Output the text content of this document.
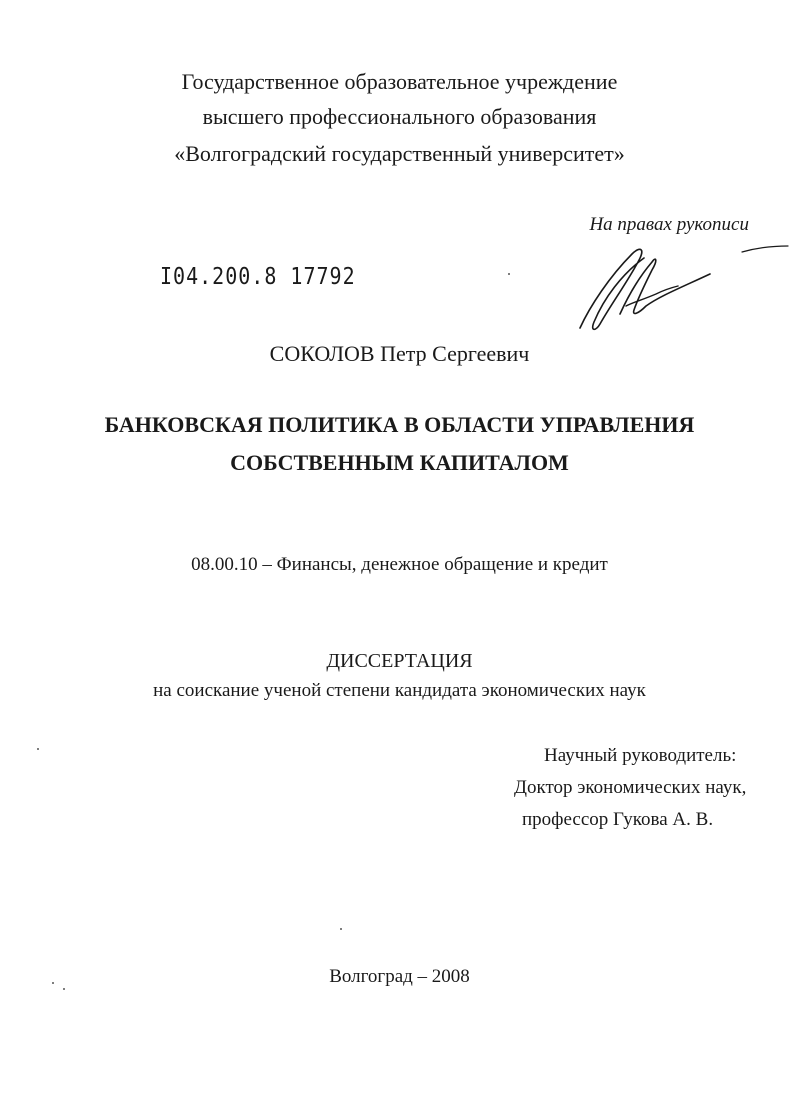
Государственное образовательное учреждение
высшего профессионального образования
«Волгоградский государственный университет»
На правах рукописи
I04.200.8 17792
СОКОЛОВ Петр Сергеевич
БАНКОВСКАЯ ПОЛИТИКА В ОБЛАСТИ УПРАВЛЕНИЯ
СОБСТВЕННЫМ КАПИТАЛОМ
08.00.10 – Финансы, денежное обращение и кредит
ДИССЕРТАЦИЯ
на соискание ученой степени кандидата экономических наук
Научный руководитель:
Доктор экономических наук,
профессор Гукова А. В.
Волгоград – 2008
